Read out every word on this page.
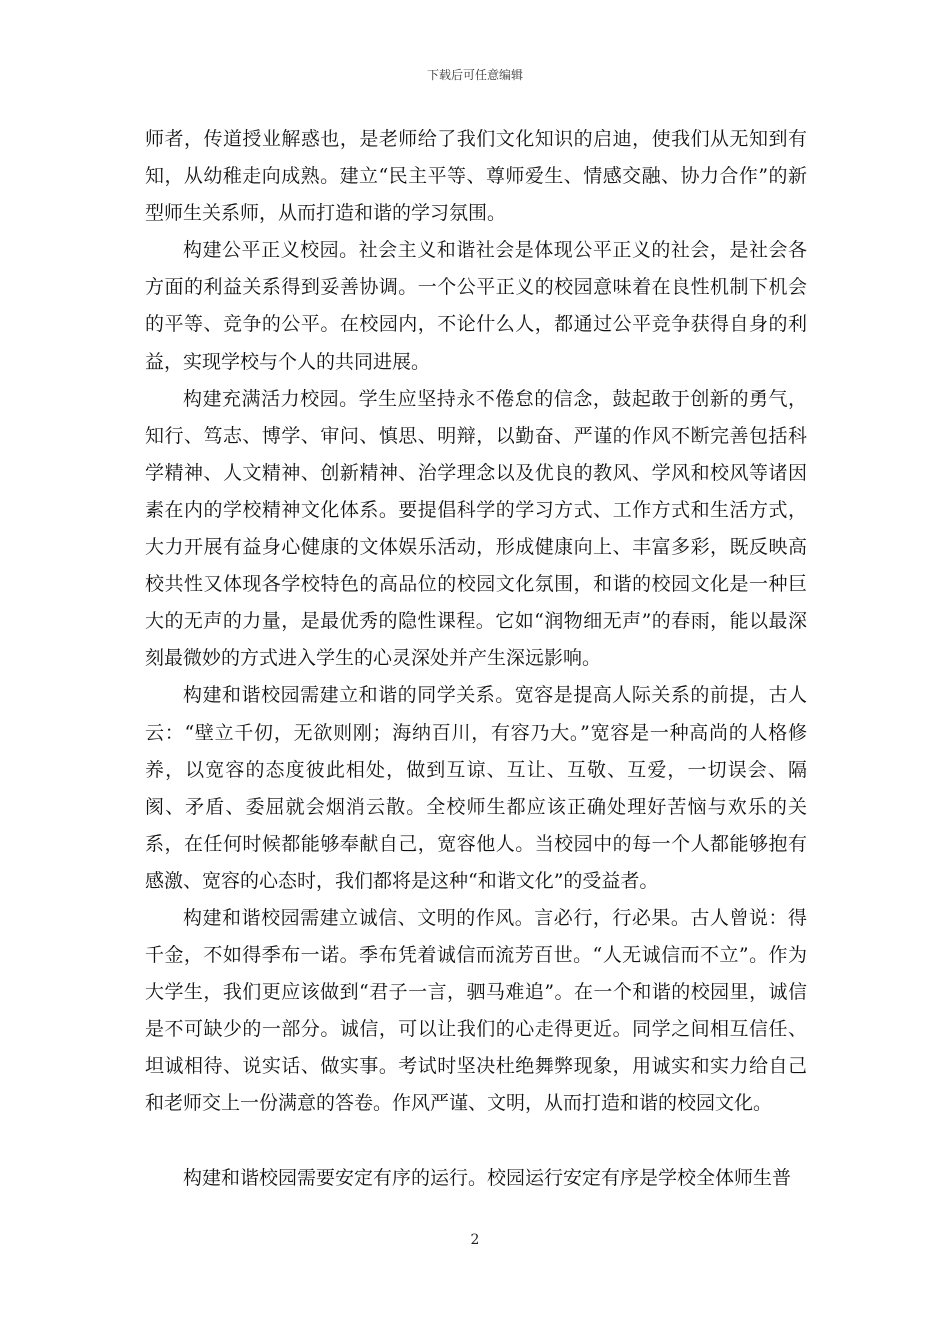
下载后可任意编辑

师者，传道授业解惑也，是老师给了我们文化知识的启迪，使我们从无知到有知，从幼稚走向成熟。建立“民主平等、尊师爱生、情感交融、协力合作”的新型师生关系师，从而打造和谐的学习氛围。

构建公平正义校园。社会主义和谐社会是体现公平正义的社会，是社会各方面的利益关系得到妥善协调。一个公平正义的校园意味着在良性机制下机会的平等、竞争的公平。在校园内，不论什么人，都通过公平竞争获得自身的利益，实现学校与个人的共同进展。

构建充满活力校园。学生应坚持永不倦怠的信念，鼓起敢于创新的勇气，知行、笃志、博学、审问、慎思、明辩，以勤奋、严谨的作风不断完善包括科学精神、人文精神、创新精神、治学理念以及优良的教风、学风和校风等诸因素在内的学校精神文化体系。要提倡科学的学习方式、工作方式和生活方式，大力开展有益身心健康的文体娱乐活动，形成健康向上、丰富多彩，既反映高校共性又体现各学校特色的高品位的校园文化氛围，和谐的校园文化是一种巨大的无声的力量，是最优秀的隐性课程。它如“润物细无声”的春雨，能以最深刻最微妙的方式进入学生的心灵深处并产生深远影响。

构建和谐校园需建立和谐的同学关系。宽容是提高人际关系的前提，古人云：“壁立千仞，无欲则刚；海纳百川，有容乃大。”宽容是一种高尚的人格修养，以宽容的态度彼此相处，做到互谅、互让、互敬、互爱，一切误会、隔阂、矛盾、委屈就会烟消云散。全校师生都应该正确处理好苦恼与欢乐的关系，在任何时候都能够奉献自己，宽容他人。当校园中的每一个人都能够抱有感激、宽容的心态时，我们都将是这种“和谐文化”的受益者。

构建和谐校园需建立诚信、文明的作风。言必行，行必果。古人曾说：得千金，不如得季布一诺。季布凭着诚信而流芳百世。“人无诚信而不立”。作为大学生，我们更应该做到“君子一言，驷马难追”。在一个和谐的校园里，诚信是不可缺少的一部分。诚信，可以让我们的心走得更近。同学之间相互信任、坦诚相待、说实话、做实事。考试时坚决杜绝舞弊现象，用诚实和实力给自己和老师交上一份满意的答卷。作风严谨、文明，从而打造和谐的校园文化。

构建和谐校园需要安定有序的运行。校园运行安定有序是学校全体师生普

2
